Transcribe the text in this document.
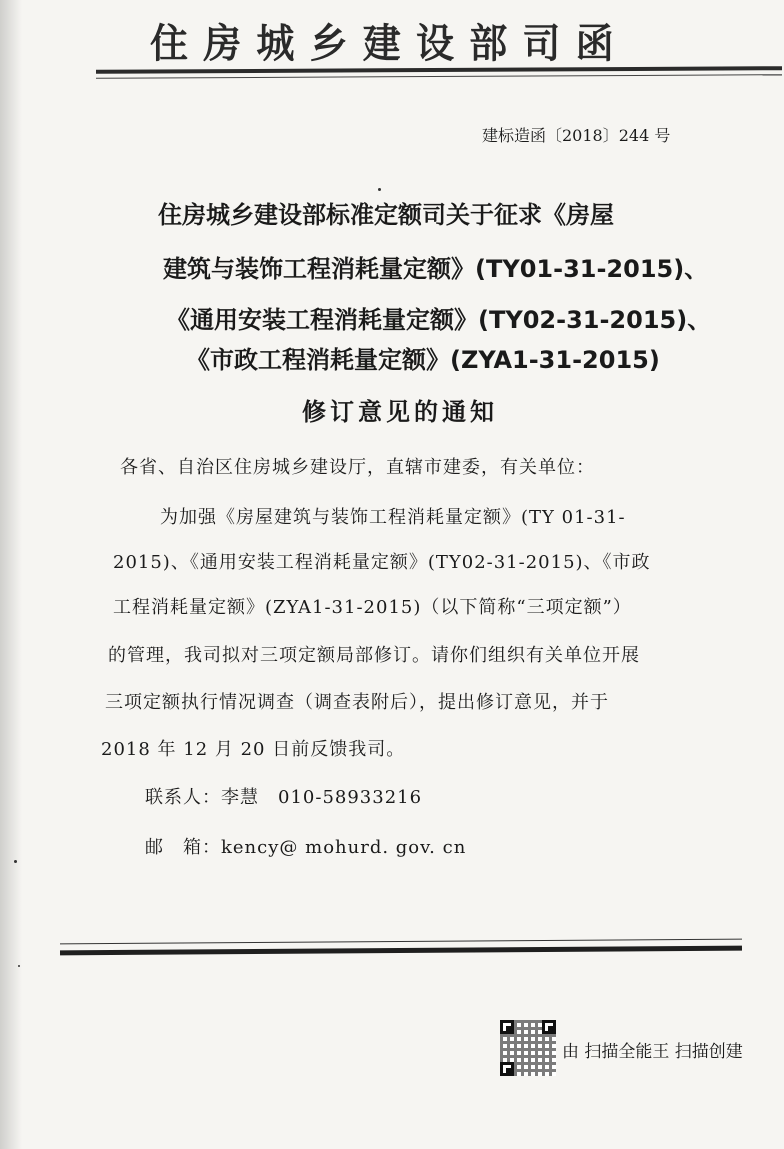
住房城乡建设部司函
建标造函〔2018〕244 号
住房城乡建设部标准定额司关于征求《房屋
建筑与装饰工程消耗量定额》(TY01-31-2015)、
《通用安装工程消耗量定额》(TY02-31-2015)、
《市政工程消耗量定额》(ZYA1-31-2015)
修订意见的通知
各省、自治区住房城乡建设厅，直辖市建委，有关单位：
为加强《房屋建筑与装饰工程消耗量定额》(TY 01-31-
2015)、《通用安装工程消耗量定额》(TY02-31-2015)、《市政
工程消耗量定额》(ZYA1-31-2015)（以下简称“三项定额”）
的管理，我司拟对三项定额局部修订。请你们组织有关单位开展
三项定额执行情况调查（调查表附后），提出修订意见，并于
2018 年 12 月 20 日前反馈我司。
联系人：李慧　010-58933216
邮　箱：kency@ mohurd. gov. cn
由 扫描全能王 扫描创建
